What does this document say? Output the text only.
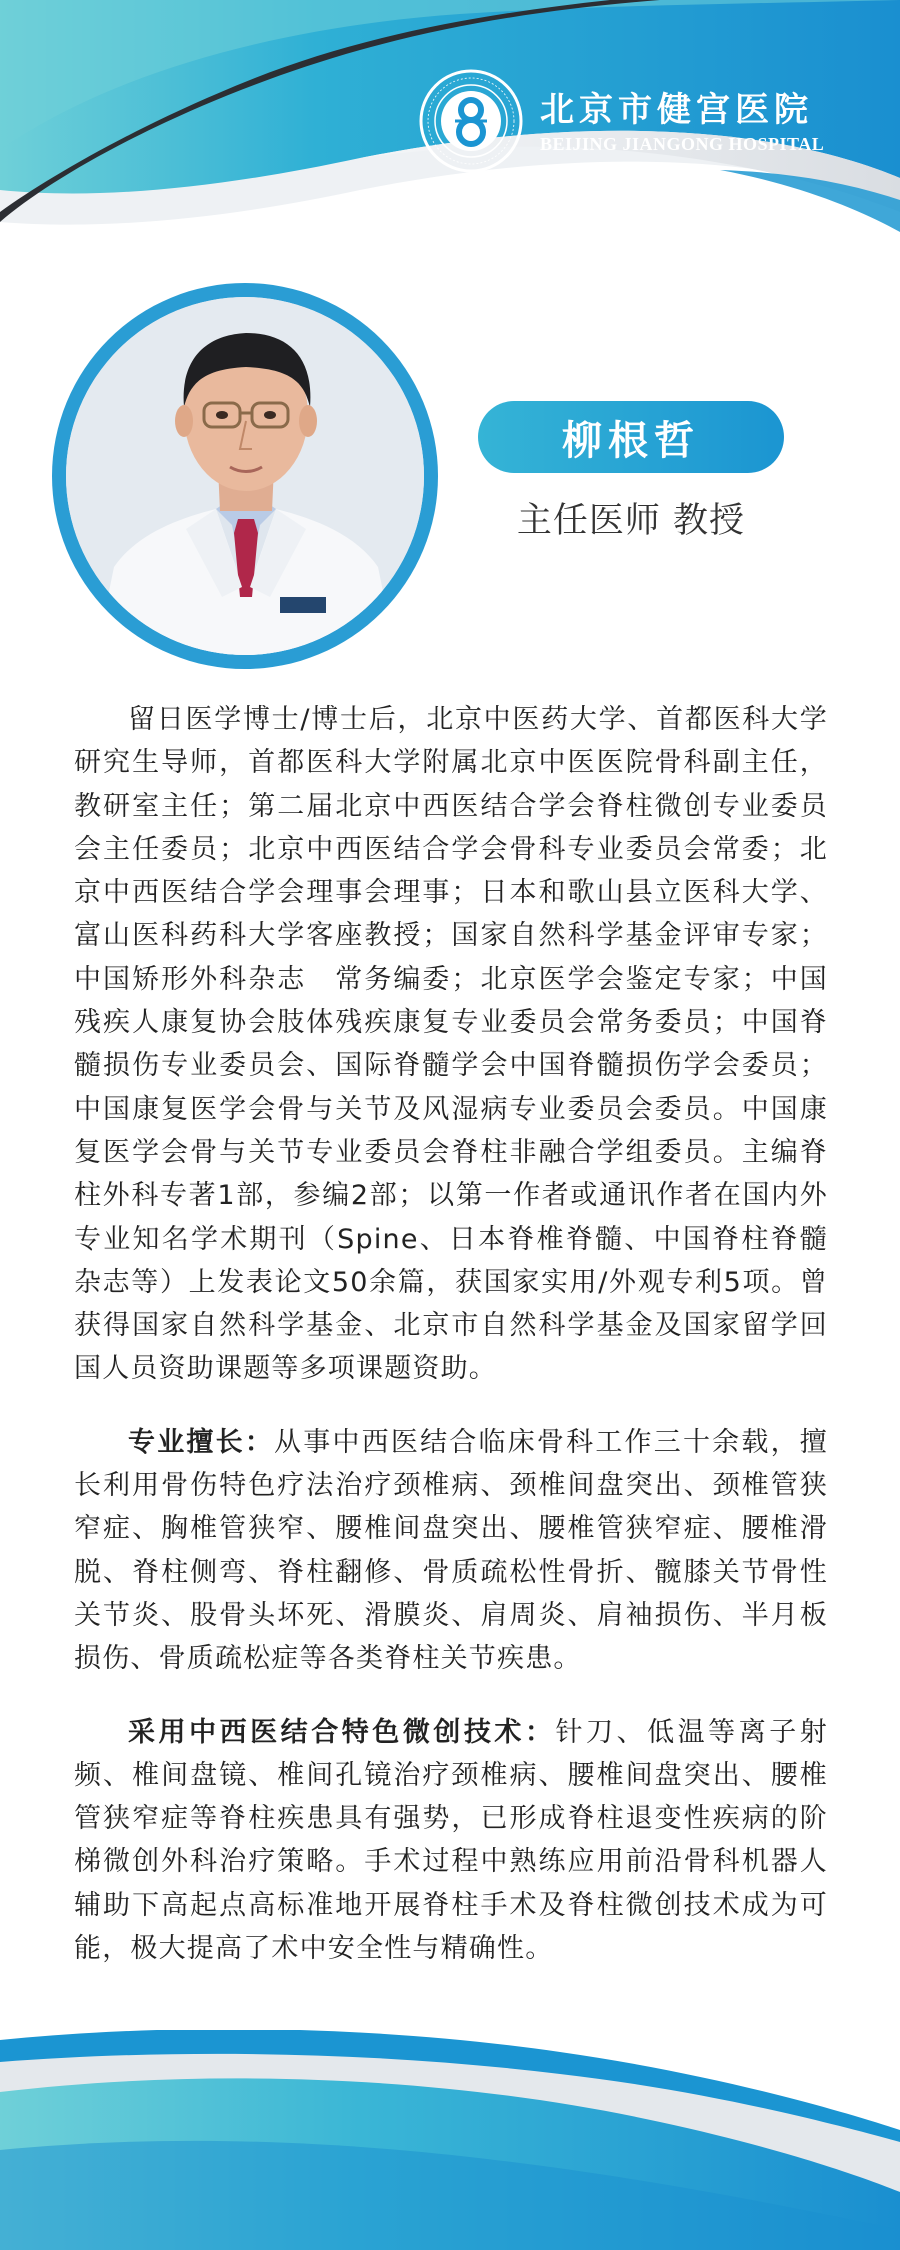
北京市健宫医院
BEIJING JIANGONG HOSPITAL
柳根哲
主任医师 教授

留日医学博士/博士后，北京中医药大学、首都医科大学研究生导师，首都医科大学附属北京中医医院骨科副主任，教研室主任；第二届北京中西医结合学会脊柱微创专业委员会主任委员；北京中西医结合学会骨科专业委员会常委；北京中西医结合学会理事会理事；日本和歌山县立医科大学、富山医科药科大学客座教授；国家自然科学基金评审专家；中国矫形外科杂志　常务编委；北京医学会鉴定专家；中国残疾人康复协会肢体残疾康复专业委员会常务委员；中国脊髓损伤专业委员会、国际脊髓学会中国脊髓损伤学会委员；中国康复医学会骨与关节及风湿病专业委员会委员。中国康复医学会骨与关节专业委员会脊柱非融合学组委员。主编脊柱外科专著1部，参编2部；以第一作者或通讯作者在国内外专业知名学术期刊（Spine、日本脊椎脊髓、中国脊柱脊髓杂志等）上发表论文50余篇，获国家实用/外观专利5项。曾获得国家自然科学基金、北京市自然科学基金及国家留学回国人员资助课题等多项课题资助。

专业擅长：从事中西医结合临床骨科工作三十余载，擅长利用骨伤特色疗法治疗颈椎病、颈椎间盘突出、颈椎管狭窄症、胸椎管狭窄、腰椎间盘突出、腰椎管狭窄症、腰椎滑脱、脊柱侧弯、脊柱翻修、骨质疏松性骨折、髋膝关节骨性关节炎、股骨头坏死、滑膜炎、肩周炎、肩袖损伤、半月板损伤、骨质疏松症等各类脊柱关节疾患。

采用中西医结合特色微创技术：针刀、低温等离子射频、椎间盘镜、椎间孔镜治疗颈椎病、腰椎间盘突出、腰椎管狭窄症等脊柱疾患具有强势，已形成脊柱退变性疾病的阶梯微创外科治疗策略。手术过程中熟练应用前沿骨科机器人辅助下高起点高标准地开展脊柱手术及脊柱微创技术成为可能，极大提高了术中安全性与精确性。
